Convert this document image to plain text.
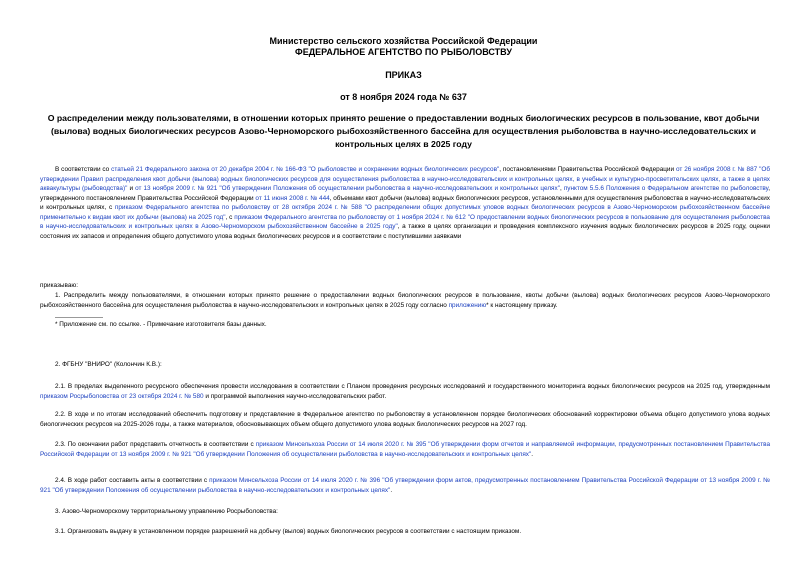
Министерство сельского хозяйства Российской Федерации
ФЕДЕРАЛЬНОЕ АГЕНТСТВО ПО РЫБОЛОВСТВУ
ПРИКАЗ
от 8 ноября 2024 года № 637
О распределении между пользователями, в отношении которых принято решение о предоставлении водных биологических ресурсов в пользование, квот добычи (вылова) водных биологических ресурсов Азово-Черноморского рыбохозяйственного бассейна для осуществления рыболовства в научно-исследовательских и контрольных целях в 2025 году
В соответствии со статьей 21 Федерального закона от 20 декабря 2004 г. № 166-ФЗ "О рыболовстве и сохранении водных биологических ресурсов", постановлениями Правительства Российской Федерации от 26 ноября 2008 г. № 887 "Об утверждении Правил распределения квот добычи (вылова) водных биологических ресурсов для осуществления рыболовства в научно-исследовательских и контрольных целях, в учебных и культурно-просветительских целях, а также в целях аквакультуры (рыбоводства)" и от 13 ноября 2009 г. № 921 "Об утверждении Положения об осуществлении рыболовства в научно-исследовательских и контрольных целях", пунктом 5.5.6 Положения о Федеральном агентстве по рыболовству, утвержденного постановлением Правительства Российской Федерации от 11 июня 2008 г. № 444, объемами квот добычи (вылова) водных биологических ресурсов, установленными для осуществления рыболовства в научно-исследовательских и контрольных целях, с приказом Федерального агентства по рыболовству от 28 октября 2024 г. № 588 "О распределении общих допустимых уловов водных биологических ресурсов в Азово-Черноморском рыбохозяйственном бассейне применительно к видам квот их добычи (вылова) на 2025 год", с приказом Федерального агентства по рыболовству от 1 ноября 2024 г. № 612 "О предоставлении водных биологических ресурсов в пользование для осуществления рыболовства в научно-исследовательских и контрольных целях в Азово-Черноморском рыбохозяйственном бассейне в 2025 году", а также в целях организации и проведения комплексного изучения водных биологических ресурсов в 2025 году, оценки состояния их запасов и определения общего допустимого улова водных биологических ресурсов и в соответствии с поступившими заявками
приказываю:
1. Распределить между пользователями, в отношении которых принято решение о предоставлении водных биологических ресурсов в пользование, квоты добычи (вылова) водных биологических ресурсов Азово-Черноморского рыбохозяйственного бассейна для осуществления рыболовства в научно-исследовательских и контрольных целях в 2025 году согласно приложению* к настоящему приказу.
* Приложение см. по ссылке. - Примечание изготовителя базы данных.
2. ФГБНУ "ВНИРО" (Колончин К.В.):
2.1. В пределах выделенного ресурсного обеспечения провести исследования в соответствии с Планом проведения ресурсных исследований и государственного мониторинга водных биологических ресурсов на 2025 год, утвержденным приказом Росрыболовства от 23 октября 2024 г. № 580 и программой выполнения научно-исследовательских работ.
2.2. В ходе и по итогам исследований обеспечить подготовку и представление в Федеральное агентство по рыболовству в установленном порядке биологических обоснований корректировки объема общего допустимого улова водных биологических ресурсов на 2025-2026 годы, а также материалов, обосновывающих объем общего допустимого улова водных биологических ресурсов на 2027 год.
2.3. По окончании работ представить отчетность в соответствии с приказом Минсельхоза России от 14 июля 2020 г. № 395 "Об утверждении форм отчетов и направляемой информации, предусмотренных постановлением Правительства Российской Федерации от 13 ноября 2009 г. № 921 "Об утверждении Положения об осуществлении рыболовства в научно-исследовательских и контрольных целях".
2.4. В ходе работ составить акты в соответствии с приказом Минсельхоза России от 14 июля 2020 г. № 396 "Об утверждении форм актов, предусмотренных постановлением Правительства Российской Федерации от 13 ноября 2009 г. № 921 "Об утверждении Положения об осуществлении рыболовства в научно-исследовательских и контрольных целях".
3. Азово-Черноморскому территориальному управлению Росрыболовства:
3.1. Организовать выдачу в установленном порядке разрешений на добычу (вылов) водных биологических ресурсов в соответствии с настоящим приказом.
